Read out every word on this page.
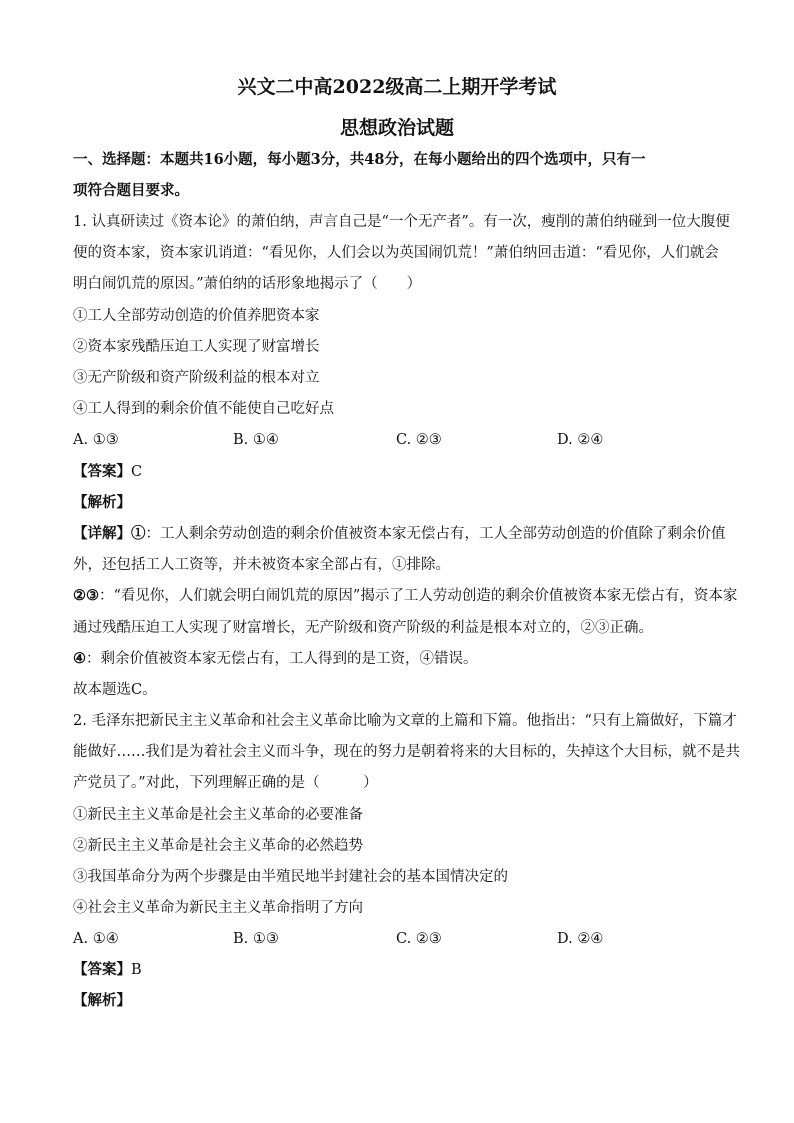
兴文二中高2022级高二上期开学考试
思想政治试题
一、选择题：本题共16小题，每小题3分，共48分，在每小题给出的四个选项中，只有一
项符合题目要求。
1. 认真研读过《资本论》的萧伯纳，声言自己是“一个无产者”。有一次，瘦削的萧伯纳碰到一位大腹便
便的资本家，资本家讥诮道：“看见你，人们会以为英国闹饥荒！”萧伯纳回击道：“看见你，人们就会
明白闹饥荒的原因。”萧伯纳的话形象地揭示了（　　）
①工人全部劳动创造的价值养肥资本家
②资本家残酷压迫工人实现了财富增长
③无产阶级和资产阶级利益的根本对立
④工人得到的剩余价值不能使自己吃好点
A. ①③	B. ①④	C. ②③	D. ②④
【答案】C
【解析】
【详解】①：工人剩余劳动创造的剩余价值被资本家无偿占有，工人全部劳动创造的价值除了剩余价值
外，还包括工人工资等，并未被资本家全部占有，①排除。
②③：“看见你，人们就会明白闹饥荒的原因”揭示了工人劳动创造的剩余价值被资本家无偿占有，资本家
通过残酷压迫工人实现了财富增长，无产阶级和资产阶级的利益是根本对立的，②③正确。
④：剩余价值被资本家无偿占有，工人得到的是工资，④错误。
故本题选C。
2. 毛泽东把新民主主义革命和社会主义革命比喻为文章的上篇和下篇。他指出：“只有上篇做好，下篇才
能做好……我们是为着社会主义而斗争，现在的努力是朝着将来的大目标的，失掉这个大目标，就不是共
产党员了。”对此，下列理解正确的是（　　　）
①新民主主义革命是社会主义革命的必要准备
②新民主主义革命是社会主义革命的必然趋势
③我国革命分为两个步骤是由半殖民地半封建社会的基本国情决定的
④社会主义革命为新民主主义革命指明了方向
A. ①④	B. ①③	C. ②③	D. ②④
【答案】B
【解析】
